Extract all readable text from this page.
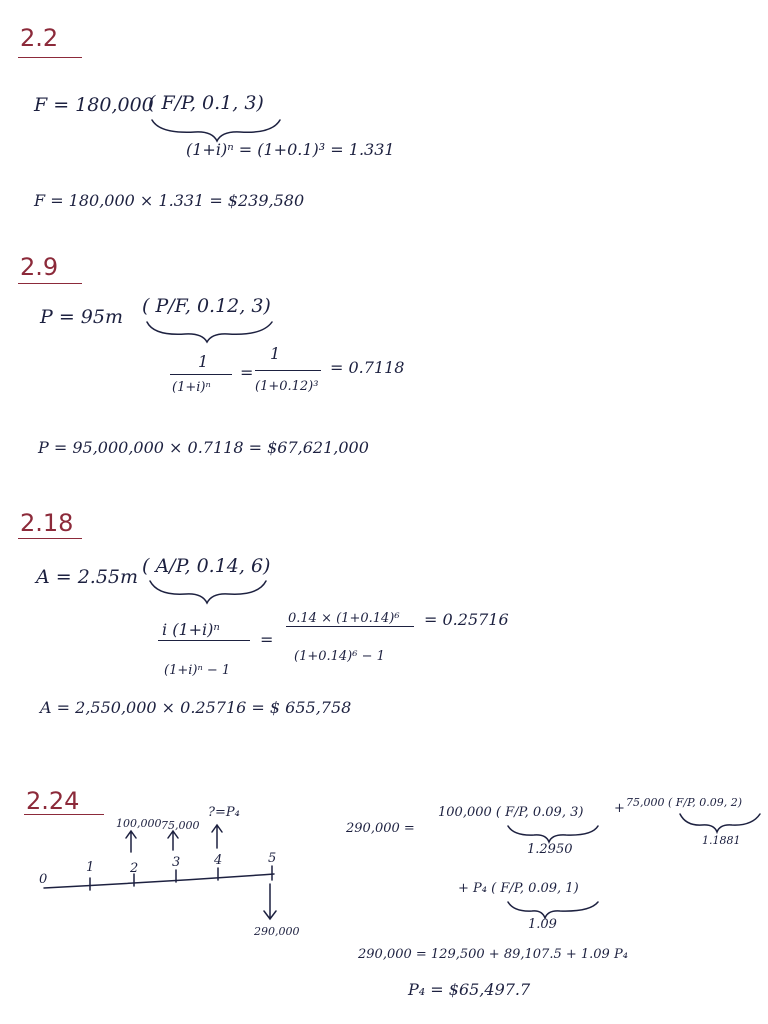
2.2
F = 180,000
( F/P, 0.1, 3)
(1+i)ⁿ = (1+0.1)³ = 1.331
F = 180,000 × 1.331 = $239,580
2.9
P = 95m ( P/F, 0.12, 3)
1
(1+i)ⁿ
=
1
(1+0.12)³
= 0.7118
P = 95,000,000 × 0.7118 = $67,621,000
2.18
A = 2.55m ( A/P, 0.14, 6)
i (1+i)ⁿ
(1+i)ⁿ − 1
=
0.14 × (1+0.14)⁶
(1+0.14)⁶ − 1
= 0.25716
A = 2,550,000 × 0.25716 = $ 655,758
2.24
0
1	2	3	4	5
100,000 75,000
?=P₄
290,000
290,000 =
100,000 ( F/P, 0.09, 3) + 75,000 ( F/P, 0.09, 2)
1.2950
1.1881
+ P₄ ( F/P, 0.09, 1)
1.09
290,000 = 129,500 + 89,107.5 + 1.09 P₄
P₄ = $65,497.7
